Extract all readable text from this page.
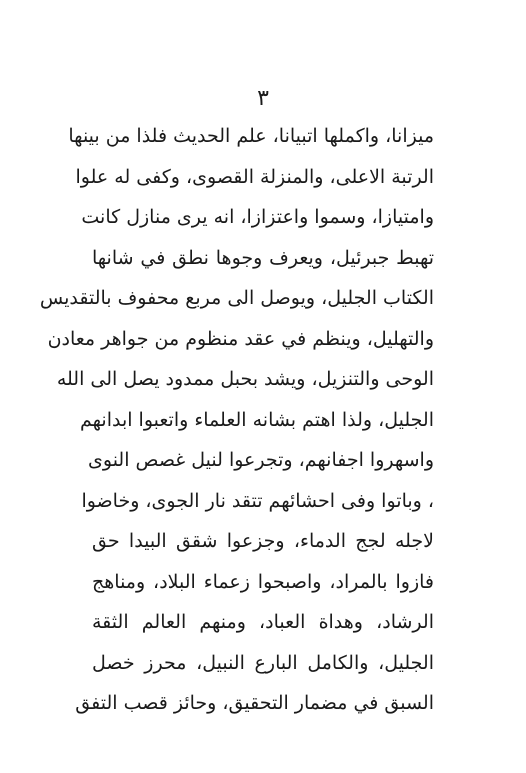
٣
ميزانا، واكملها اتبيانا، علم الحديث فلذا من بينها
الرتبة الاعلى، والمنزلة القصوى، وكفى له علوا
وامتيازا، وسموا واعتزازا، انه يرى منازل كانت
تهبط جبرئيل، ويعرف وجوها نطق في شانها
الكتاب الجليل، ويوصل الى مربع محفوف بالتقديس
والتهليل، وينظم في عقد منظوم من جواهر معادن
الوحى والتنزيل، ويشد بحبل ممدود يصل الى الله
الجليل، ولذا اهتم بشانه العلماء واتعبوا ابدانهم
واسهروا اجفانهم، وتجرعوا لنيل غصص النوى
، وباتوا وفى احشائهم تتقد نار الجوى، وخاضوا
لاجله لجج الدماء، وجزعوا شقق البيدا حق
فازوا بالمراد، واصبحوا زعماء البلاد، ومناهج
الرشاد، وهداة العباد، ومنهم العالم الثقة
الجليل، والكامل البارع النبيل، محرز خصل
السبق في مضمار التحقيق، وحائز قصب التفق
